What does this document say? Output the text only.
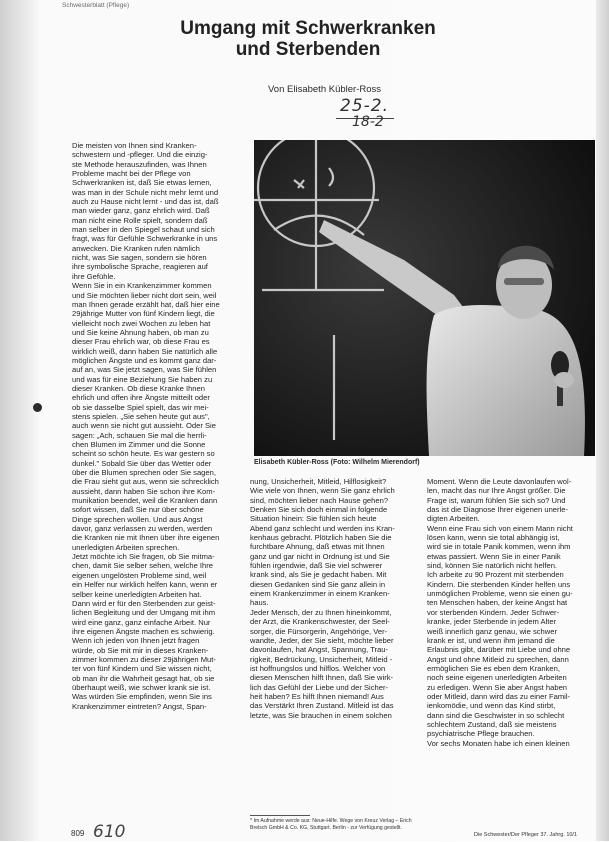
Schwesterblatt (Pflege)
Umgang mit Schwerkranken
und Sterbenden
Von Elisabeth Kübler-Ross
25-2.
18-2
Die meisten von Ihnen sind Kranken-
schwestern und -pfleger. Und die einzig-
ste Methode herauszufinden, was Ihnen
Probleme macht bei der Pflege von
Schwerkranken ist, daß Sie etwas lernen,
was man in der Schule nicht mehr lernt und
auch zu Hause nicht lernt - und das ist, daß
man wieder ganz, ganz ehrlich wird. Daß
man nicht eine Rolle spielt, sondern daß
man selber in den Spiegel schaut und sich
fragt, was für Gefühle Schwerkranke in uns
anwecken. Die Kranken rufen nämlich
nicht, was Sie sagen, sondern sie hören
ihre symbolische Sprache, reagieren auf
ihre Gefühle.
Wenn Sie in ein Krankenzimmer kommen
und Sie möchten lieber nicht dort sein, weil
man Ihnen gerade erzählt hat, daß hier eine
29jährige Mutter von fünf Kindern liegt, die
vielleicht noch zwei Wochen zu leben hat
und Sie keine Ahnung haben, ob man zu
dieser Frau ehrlich war, ob diese Frau es
wirklich weiß, dann haben Sie natürlich alle
möglichen Ängste und es kommt ganz dar-
auf an, was Sie jetzt sagen, was Sie fühlen
und was für eine Beziehung Sie haben zu
dieser Kranken. Ob diese Kranke Ihnen
ehrlich und offen ihre Ängste mitteilt oder
ob sie dasselbe Spiel spielt, das wir mei-
stens spielen. „Sie sehen heute gut aus",
auch wenn sie nicht gut aussieht. Oder Sie
sagen: „Ach, schauen Sie mal die herrli-
chen Blumen im Zimmer und die Sonne
scheint so schön heute. Es war gestern so
dunkel." Sobald Sie über das Wetter oder
über die Blumen sprechen oder Sie sagen,
die Frau sieht gut aus, wenn sie schrecklich
aussieht, dann haben Sie schon ihre Kom-
munikation beendet, weil die Kranken dann
sofort wissen, daß Sie nur über schöne
Dinge sprechen wollen. Und aus Angst
davor, ganz verlassen zu werden, werden
die Kranken nie mit Ihnen über ihre eigenen
unerledigten Arbeiten sprechen.
Jetzt möchte ich Sie fragen, ob Sie mitma-
chen, damit Sie selber sehen, welche Ihre
eigenen ungelösten Probleme sind, weil
ein Helfer nur wirklich helfen kann, wenn er
selber keine unerledigten Arbeiten hat.
Dann wird er für den Sterbenden zur geist-
lichen Begleitung und der Umgang mit ihm
wird eine ganz, ganz einfache Arbeit. Nur
ihre eigenen Ängste machen es schwierig.
Wenn ich jeden von Ihnen jetzt fragen
würde, ob Sie mit mir in dieses Kranken-
zimmer kommen zu dieser 29jährigen Mut-
ter von fünf Kindern und Sie wissen nicht,
ob man ihr die Wahrheit gesagt hat, ob sie
überhaupt weiß, wie schwer krank sie ist.
Was würden Sie empfinden, wenn Sie ins
Krankenzimmer eintreten? Angst, Span-
Elisabeth Kübler-Ross (Foto: Wilhelm Mierendorf)
nung, Unsicherheit, Mitleid, Hilflosigkeit?
Wie viele von Ihnen, wenn Sie ganz ehrlich
sind, möchten lieber nach Hause gehen?
Denken Sie sich doch einmal in folgende
Situation hinein: Sie fühlen sich heute
Abend ganz schlecht und werden ins Kran-
kenhaus gebracht. Plötzlich haben Sie die
furchtbare Ahnung, daß etwas mit Ihnen
ganz und gar nicht in Ordnung ist und Sie
fühlen irgendwie, daß Sie viel schwerer
krank sind, als Sie je gedacht haben. Mit
diesen Gedanken sind Sie ganz allein in
einem Krankenzimmer in einem Kranken-
haus.
Jeder Mensch, der zu Ihnen hineinkommt,
der Arzt, die Krankenschwester, der Seel-
sorger, die Fürsorgerin, Angehörige, Ver-
wandte, Jeder, der Sie sieht, möchte lieber
davonlaufen, hat Angst, Spannung, Trau-
rigkeit, Bedrückung, Unsicherheit, Mitleid -
ist hoffnungslos und hilflos. Welcher von
diesen Menschen hilft Ihnen, daß Sie wirk-
lich das Gefühl der Liebe und der Sicher-
heit haben? Es hilft Ihnen niemand! Aus
das Verstärkt Ihren Zustand. Mitleid ist das
letzte, was Sie brauchen in einem solchen
Moment. Wenn die Leute davonlaufen wol-
len, macht das nur Ihre Angst größer. Die
Frage ist, warum fühlen Sie sich so? Und
das ist die Diagnose Ihrer eigenen unerle-
digten Arbeiten.
Wenn eine Frau sich von einem Mann nicht
lösen kann, wenn sie total abhängig ist,
wird sie in totale Panik kommen, wenn ihm
etwas passiert. Wenn Sie in einer Panik
sind, können Sie natürlich nicht helfen.
Ich arbeite zu 90 Prozent mit sterbenden
Kindern. Die sterbenden Kinder helfen uns
unmöglichen Probleme, wenn sie einen gu-
ten Menschen haben, der keine Angst hat
vor sterbenden Kindern. Jeder Schwer-
kranke, jeder Sterbende in jedem Alter
weiß innerlich ganz genau, wie schwer
krank er ist, und wenn ihm jemand die
Erlaubnis gibt, darüber mit Liebe und ohne
Angst und ohne Mitleid zu sprechen, dann
ermöglichen Sie es eben dem Kranken,
noch seine eigenen unerledigten Arbeiten
zu erledigen. Wenn Sie aber Angst haben
oder Mitleid, dann wird das zu einer Famil-
ienkomödie, und wenn das Kind stirbt,
dann sind die Geschwister in so schlecht
schlechtem Zustand, daß sie meistens
psychiatrische Pflege brauchen.
Vor sechs Monaten habe ich einen kleinen
* Im Aufnahme werde aus: Neue-Hilfe. Wege von Kreuz Verlag – Erich Brelsch GmbH & Co. KG, Stuttgart. Berlin - zur Verfügung gestellt.
809 610	Die Schwester/Der Pfleger 37. Jahrg. 10/1
